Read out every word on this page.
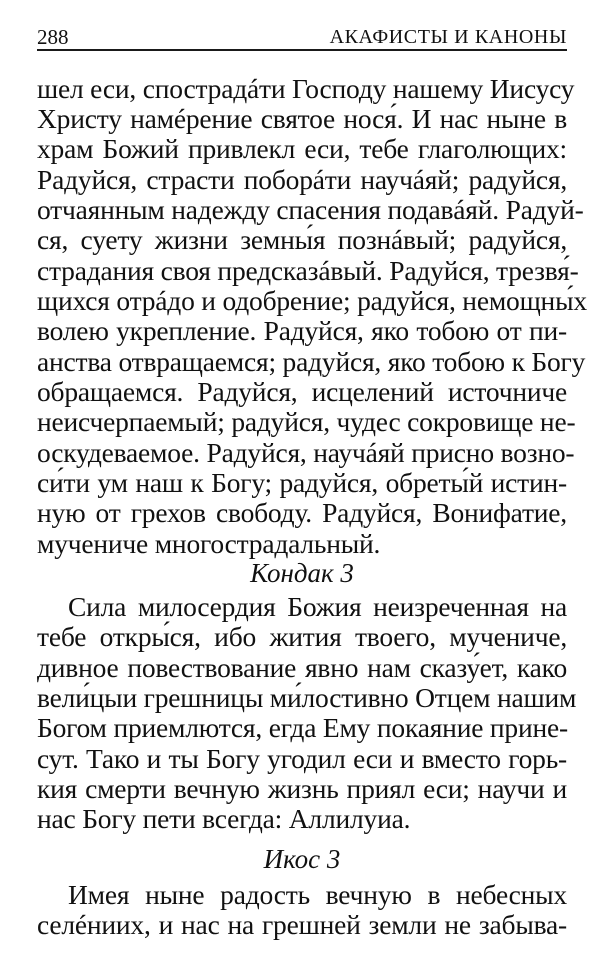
288	АКАФИСТЫ И КАНОНЫ
шел еси, спострадáти Господу нашему Иисусу
Христу намéрение святое нося́. И нас ныне в
храм Божий привлекл еси, тебе глаголющих:
Радуйся, страсти поборáти научáяй; радуйся,
отчаянным надежду спасения подавáяй. Радуй-
ся, суету жизни земны́я познáвый; радуйся,
страдания своя предсказáвый. Радуйся, трезвя́-
щихся отрáдо и одобрение; радуйся, немощны́х
волею укрепление. Радуйся, яко тобою от пи-
анства отвращаемся; радуйся, яко тобою к Богу
обращаемся. Радуйся, исцелений источниче
неисчерпаемый; радуйся, чудес сокровище не-
оскудеваемое. Радуйся, научáяй присно возно-
си́ти ум наш к Богу; радуйся, обреты́й истин-
ную от грехов свободу. Радуйся, Вонифатие,
мучениче многострадальный.
Кондак 3
Сила милосердия Божия неизреченная на
тебе откры́ся, ибо жития твоего, мучениче,
дивное повествование явно нам сказу́ет, како
вели́цыи грешницы ми́лостивно Отцем нашим
Богом приемлются, егда Ему покаяние прине-
сут. Тако и ты Богу угодил еси и вместо горь-
кия смерти вечную жизнь приял еси; научи и
нас Богу пети всегда: Аллилуиа.
Икос 3
Имея ныне радость вечную в небесных
селéниих, и нас на грешней земли не забыва-
